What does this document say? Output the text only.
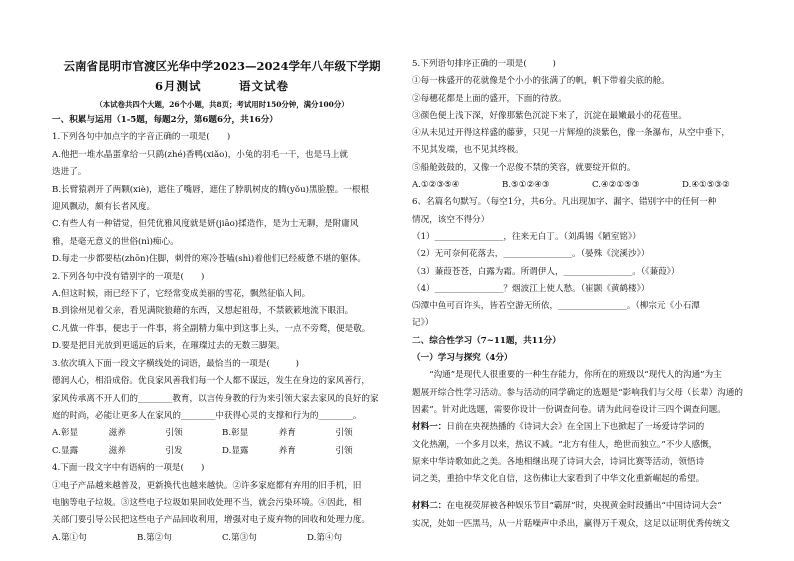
云南省昆明市官渡区光华中学2023—2024学年八年级下学期
6月测试　　　语文试卷
（本试卷共四个大题，26个小题，共8页；考试用时150分钟，满分100分）
一、积累与运用（1-5题，每题2分，第6题6分，共16分）
1.下列各句中加点字的字音正确的一项是(　　)
A.他把一堆水晶蛋拿给一只鹞(zhé)香鸭(xiǎo)，小兔的羽毛一干，也是马上就
迭进了。
B.长臂猿剥开了两颗(xiè)，遮住了嘴唇，遮住了脖肌树皮的腾(yǒu)黑脸膛。一根根
迎风飘动，颇有长者风度。
C.有些人有一种错觉，但凭优雅风度就是妍(jiāo)揉造作，是为士无聊，是附庸风
雅，是毫无意义的世俗(nì)痴心。
D.每走一步都要枯(zhōn)住脚，刺骨的寒冷苍嗑(shì)着他们已经疲惫不堪的躯体。
2.下列各句中没有错别字的一项是(　　)
A.但这时候，雨已经下了，它经常变成美丽的雪花，飘然征临人间。
B.到徐州见着父亲，看见满院狼藉的东西，又想起祖母，不禁簌簌地流下眼泪。
C.凡做一件事，便忠于一件事，将全副精力集中到这事上头，一点不旁鹜，便是敬。
D.要是把目光放到更遥远的后来，在璀璨过去的无数三脚架。
3.依次填入下面一段文字横线处的词语，最恰当的一项是(　　　)
德润人心，相沿成俗。优良家风善我们每一个人都不谋远，发生在身边的家风善行，
家风传承离不开人们的________教育，以言传身教的行为来引领大家去家风的良好的家
庭的时尚，必能让更多人在家风的________中获得心灵的支撑和行为的________。
A.彰显	滋养	引领	B.彰显	养育	引领
C.显露	滋养	引发	D.显露	养育	引领
4.下面一段文字中有语病的一项是(　　)
①电子产品越来越普及，更新换代也越来越快。②许多家庭都有弃用的旧手机，旧
电脑等电子垃圾。③这些电子垃圾如果回收处理不当，就会污染环境。④因此，相
关部门要引导公民把这些电子产品回收利用，增强对电子废弃物的回收和处理力度。
A.第①句	B.第②句	C.第③句	D.第④句
5.下列语句排序正确的一项是(　　　)
①每一株盛开的花就像是个小小的张满了的帆，帆下带着尖底的舱。
②每穗花都是上面的盛开，下面的待放。
③颜色便上浅下深，好像那紫色沉淀下来了，沉淀在最嫩最小的花苞里。
④从未见过开得这样盛的藤萝，只见一片辉煌的淡紫色，像一条瀑布，从空中垂下，
不见其发端，也不见其终极。
⑤船舱鼓鼓的，又像一个忍俊不禁的笑容，就要绽开似的。
A.①②③⑤④	B.⑤①②④③	C.④②①⑤③	D.④①⑤③②
6、名篇名句默写。（每空1分，共6分。凡出现加字、漏字、错别字中的任何一种
情况，该空不得分）
（1）________________，往来无白丁。（刘禹锡《陋室铭》）
（2）无可奈何花落去，________________。（晏殊《浣溪沙》）
（3）蒹葭苍苍，白露为霜。所谓伊人，________________。（《蒹葭》）
（4）________________？烟波江上使人愁。（崔颢《黄鹤楼》）
⑸潭中鱼可百许头，皆若空游无所依，________________。（柳宗元《小石潭
记》）
二、综合性学习（7~11题，共11分）
（一）学习与探究（4分）
　　“沟通”是现代人很重要的一种生存能力，你所在的班级以“现代人的沟通”为主
题展开综合性学习活动。参与活动的同学确定的选题是“影响我们与父母（长辈）沟通的
因素”。针对此选题，需要你设计一份调查问卷。请为此问卷设计三四个调查问题。
材料一：日前在央视热播的《诗词大会》在全国上下也掀起了一场爱诗学词的
文化热潮，一个多月以来，热议不减。“北方有佳人，绝世而独立。”不少人感慨，
原来中华诗歌如此之美。各地相继出现了诗词大会，诗词比赛等活动，领悟诗
词之美，重拾中华文化自信，这伤佛让大家看到了中华文化重新崛起的希望。
材料二：在电视荧屏被各种娱乐节目“霸屏”时，央视黄金时段播出“中国诗词大会”
实况，处如一匹黑马，从一片聒噪声中杀出，赢得万千观众，这足以证明优秀传统文
